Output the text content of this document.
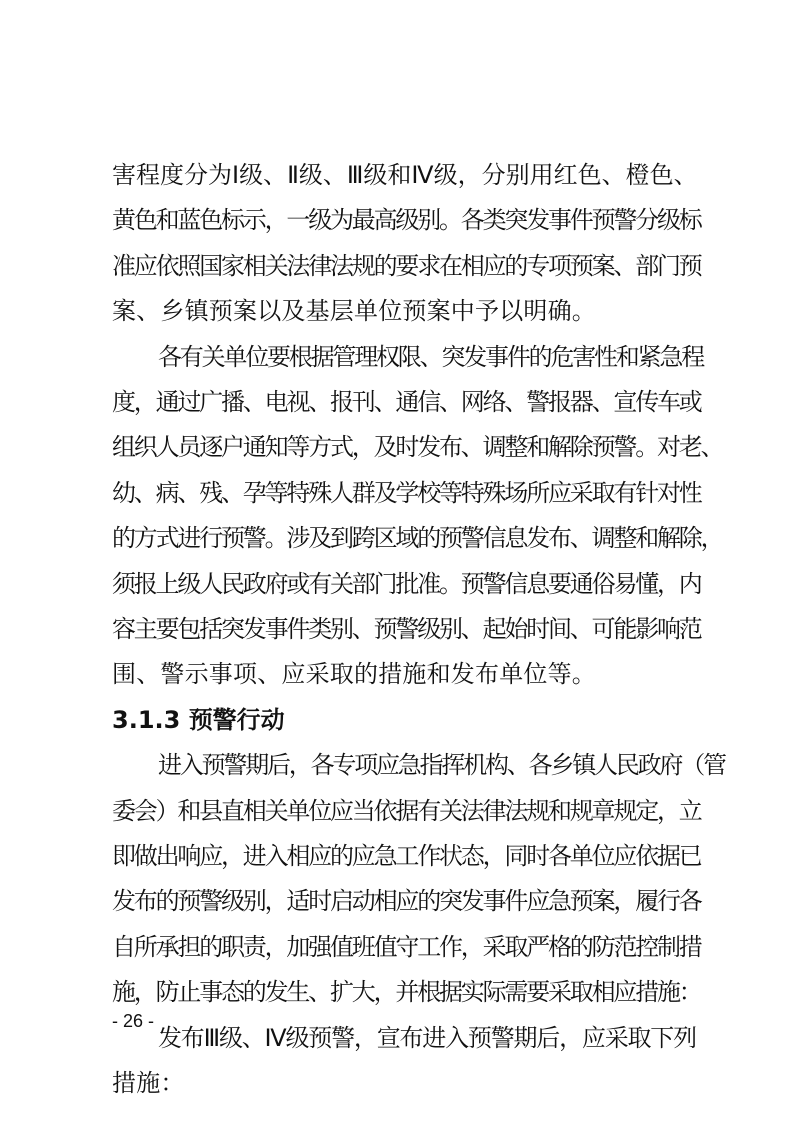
害程度分为Ⅰ级、Ⅱ级、Ⅲ级和Ⅳ级，分别用红色、橙色、
黄色和蓝色标示，一级为最高级别。各类突发事件预警分级标
准应依照国家相关法律法规的要求在相应的专项预案、部门预
案、乡镇预案以及基层单位预案中予以明确。
各有关单位要根据管理权限、突发事件的危害性和紧急程
度，通过广播、电视、报刊、通信、网络、警报器、宣传车或
组织人员逐户通知等方式，及时发布、调整和解除预警。对老、
幼、病、残、孕等特殊人群及学校等特殊场所应采取有针对性
的方式进行预警。涉及到跨区域的预警信息发布、调整和解除，
须报上级人民政府或有关部门批准。预警信息要通俗易懂，内
容主要包括突发事件类别、预警级别、起始时间、可能影响范
围、警示事项、应采取的措施和发布单位等。
3.1.3 预警行动
进入预警期后，各专项应急指挥机构、各乡镇人民政府（管
委会）和县直相关单位应当依据有关法律法规和规章规定，立
即做出响应，进入相应的应急工作状态，同时各单位应依据已
发布的预警级别，适时启动相应的突发事件应急预案，履行各
自所承担的职责，加强值班值守工作，采取严格的防范控制措
施，防止事态的发生、扩大，并根据实际需要采取相应措施：
发布Ⅲ级、Ⅳ级预警，宣布进入预警期后，应采取下列
措施：
- 26 -
